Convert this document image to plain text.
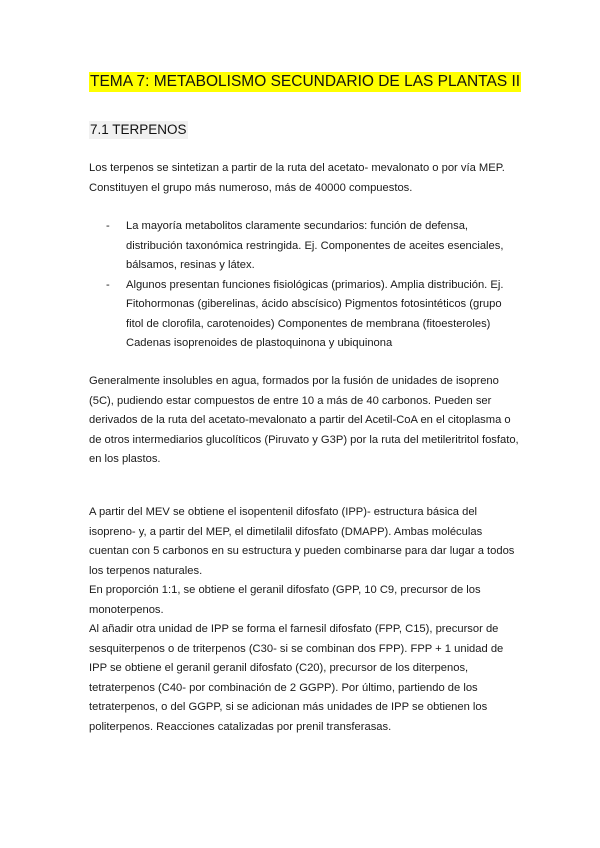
TEMA 7: METABOLISMO SECUNDARIO DE LAS PLANTAS II
7.1 TERPENOS
Los terpenos se sintetizan a partir de la ruta del acetato- mevalonato o por vía MEP.
Constituyen el grupo más numeroso, más de 40000 compuestos.
- La mayoría metabolitos claramente secundarios: función de defensa,
distribución taxonómica restringida. Ej. Componentes de aceites esenciales,
bálsamos, resinas y látex.
- Algunos presentan funciones fisiológicas (primarios). Amplia distribución. Ej.
Fitohormonas (giberelinas, ácido abscísico) Pigmentos fotosintéticos (grupo
fitol de clorofila, carotenoides) Componentes de membrana (fitoesteroles)
Cadenas isoprenoides de plastoquinona y ubiquinona
Generalmente insolubles en agua, formados por la fusión de unidades de isopreno
(5C), pudiendo estar compuestos de entre 10 a más de 40 carbonos. Pueden ser
derivados de la ruta del acetato-mevalonato a partir del Acetil-CoA en el citoplasma o
de otros intermediarios glucolíticos (Piruvato y G3P) por la ruta del metileritritol fosfato,
en los plastos.
A partir del MEV se obtiene el isopentenil difosfato (IPP)- estructura básica del
isopreno- y, a partir del MEP, el dimetilalil difosfato (DMAPP). Ambas moléculas
cuentan con 5 carbonos en su estructura y pueden combinarse para dar lugar a todos
los terpenos naturales.
En proporción 1:1, se obtiene el geranil difosfato (GPP, 10 C9, precursor de los
monoterpenos.
Al añadir otra unidad de IPP se forma el farnesil difosfato (FPP, C15), precursor de
sesquiterpenos o de triterpenos (C30- si se combinan dos FPP). FPP + 1 unidad de
IPP se obtiene el geranil geranil difosfato (C20), precursor de los diterpenos,
tetraterpenos (C40- por combinación de 2 GGPP). Por último, partiendo de los
tetraterpenos, o del GGPP, si se adicionan más unidades de IPP se obtienen los
politerpenos. Reacciones catalizadas por prenil transferasas.
